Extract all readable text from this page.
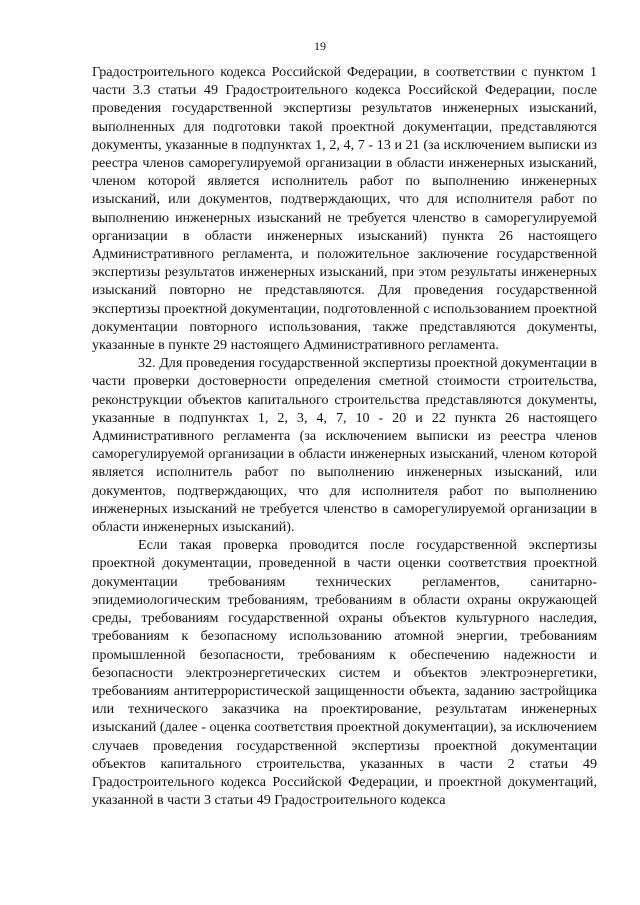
19

Градостроительного кодекса Российской Федерации, в соответствии с пунктом 1 части 3.3 статьи 49 Градостроительного кодекса Российской Федерации, после проведения государственной экспертизы результатов инженерных изысканий, выполненных для подготовки такой проектной документации, представляются документы, указанные в подпунктах 1, 2, 4, 7 - 13 и 21 (за исключением выписки из реестра членов саморегулируемой организации в области инженерных изысканий, членом которой является исполнитель работ по выполнению инженерных изысканий, или документов, подтверждающих, что для исполнителя работ по выполнению инженерных изысканий не требуется членство в саморегулируемой организации в области инженерных изысканий) пункта 26 настоящего Административного регламента, и положительное заключение государственной экспертизы результатов инженерных изысканий, при этом результаты инженерных изысканий повторно не представляются. Для проведения государственной экспертизы проектной документации, подготовленной с использованием проектной документации повторного использования, также представляются документы, указанные в пункте 29 настоящего Административного регламента.

32. Для проведения государственной экспертизы проектной документации в части проверки достоверности определения сметной стоимости строительства, реконструкции объектов капитального строительства представляются документы, указанные в подпунктах 1, 2, 3, 4, 7, 10 - 20 и 22 пункта 26 настоящего Административного регламента (за исключением выписки из реестра членов саморегулируемой организации в области инженерных изысканий, членом которой является исполнитель работ по выполнению инженерных изысканий, или документов, подтверждающих, что для исполнителя работ по выполнению инженерных изысканий не требуется членство в саморегулируемой организации в области инженерных изысканий).

Если такая проверка проводится после государственной экспертизы проектной документации, проведенной в части оценки соответствия проектной документации требованиям технических регламентов, санитарно-эпидемиологическим требованиям, требованиям в области охраны окружающей среды, требованиям государственной охраны объектов культурного наследия, требованиям к безопасному использованию атомной энергии, требованиям промышленной безопасности, требованиям к обеспечению надежности и безопасности электроэнергетических систем и объектов электроэнергетики, требованиям антитеррористической защищенности объекта, заданию застройщика или технического заказчика на проектирование, результатам инженерных изысканий (далее - оценка соответствия проектной документации), за исключением случаев проведения государственной экспертизы проектной документации объектов капитального строительства, указанных в части 2 статьи 49 Градостроительного кодекса Российской Федерации, и проектной документаций, указанной в части 3 статьи 49 Градостроительного кодекса
